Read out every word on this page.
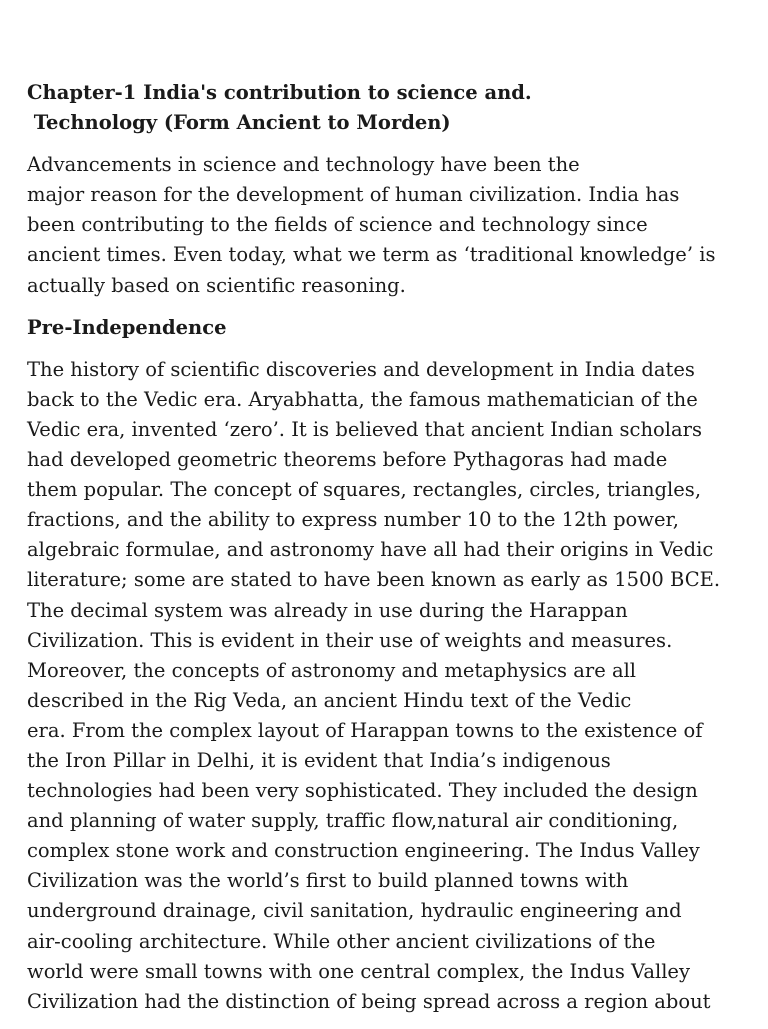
Chapter-1 India's contribution to science and.
Technology (Form Ancient to Morden)

Advancements in science and technology have been the
major reason for the development of human civilization. India has
been contributing to the fields of science and technology since
ancient times. Even today, what we term as ‘traditional knowledge’ is
actually based on scientific reasoning.

Pre-Independence

The history of scientific discoveries and development in India dates
back to the Vedic era. Aryabhatta, the famous mathematician of the
Vedic era, invented ‘zero’. It is believed that ancient Indian scholars
had developed geometric theorems before Pythagoras had made
them popular. The concept of squares, rectangles, circles, triangles,
fractions, and the ability to express number 10 to the 12th power,
algebraic formulae, and astronomy have all had their origins in Vedic
literature; some are stated to have been known as early as 1500 BCE.
The decimal system was already in use during the Harappan
Civilization. This is evident in their use of weights and measures.
Moreover, the concepts of astronomy and metaphysics are all
described in the Rig Veda, an ancient Hindu text of the Vedic
era. From the complex layout of Harappan towns to the existence of
the Iron Pillar in Delhi, it is evident that India’s indigenous
technologies had been very sophisticated. They included the design
and planning of water supply, traffic flow,natural air conditioning,
complex stone work and construction engineering. The Indus Valley
Civilization was the world’s first to build planned towns with
underground drainage, civil sanitation, hydraulic engineering and
air-cooling architecture. While other ancient civilizations of the
world were small towns with one central complex, the Indus Valley
Civilization had the distinction of being spread across a region about
